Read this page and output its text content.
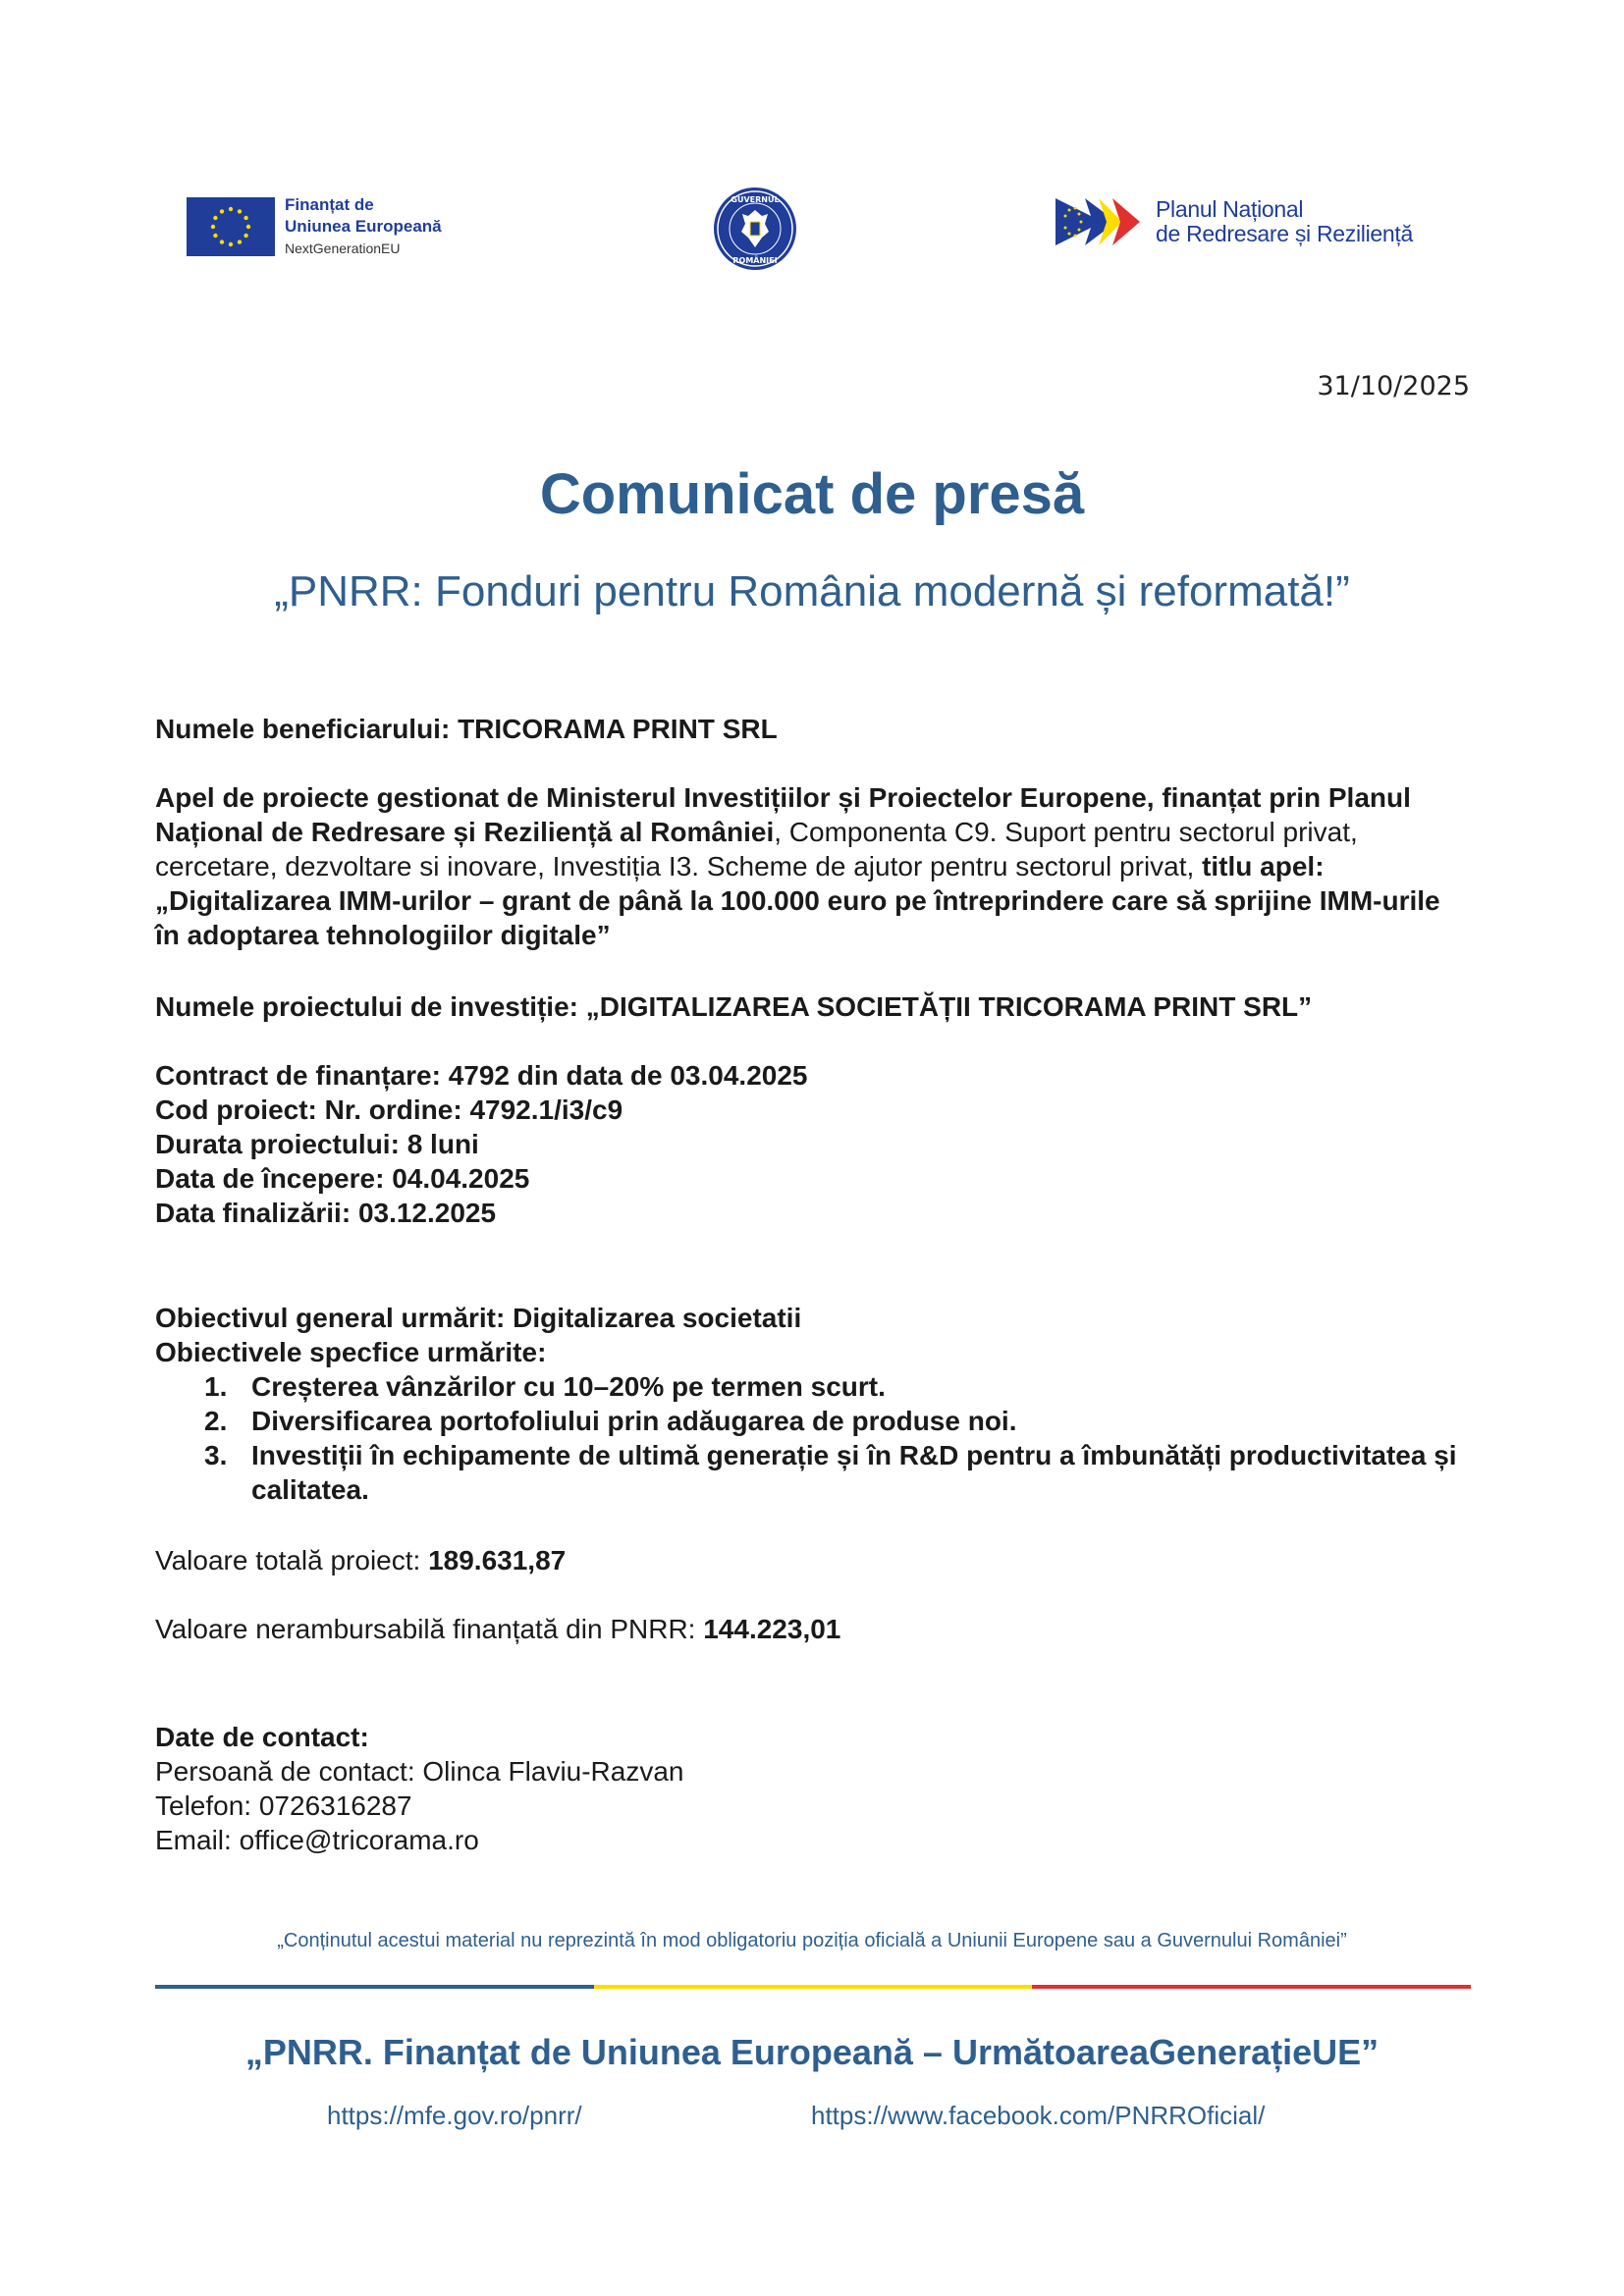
Finanțat de
Uniunea Europeană
NextGenerationEU
GUVERNUL
ROMÂNIEI
Planul Național
de Redresare și Reziliență
31/10/2025
Comunicat de presă
„PNRR: Fonduri pentru România modernă și reformată!”
Numele beneficiarului: TRICORAMA PRINT SRL
Apel de proiecte gestionat de Ministerul Investițiilor și Proiectelor Europene, finanțat prin Planul Național de Redresare și Reziliență al României, Componenta C9. Suport pentru sectorul privat, cercetare, dezvoltare si inovare, Investiția I3. Scheme de ajutor pentru sectorul privat, titlu apel: „Digitalizarea IMM-urilor – grant de până la 100.000 euro pe întreprindere care să sprijine IMM-urile în adoptarea tehnologiilor digitale”
Numele proiectului de investiție: „DIGITALIZAREA SOCIETĂȚII TRICORAMA PRINT SRL”
Contract de finanțare: 4792 din data de 03.04.2025
Cod proiect: Nr. ordine: 4792.1/i3/c9
Durata proiectului: 8 luni
Data de începere: 04.04.2025
Data finalizării: 03.12.2025
Obiectivul general urmărit: Digitalizarea societatii
Obiectivele specfice urmărite:
1. Creșterea vânzărilor cu 10–20% pe termen scurt.
2. Diversificarea portofoliului prin adăugarea de produse noi.
3. Investiții în echipamente de ultimă generație și în R&D pentru a îmbunătăți productivitatea și calitatea.
Valoare totală proiect: 189.631,87
Valoare nerambursabilă finanțată din PNRR: 144.223,01
Date de contact:
Persoană de contact: Olinca Flaviu-Razvan
Telefon: 0726316287
Email: office@tricorama.ro
„Conținutul acestui material nu reprezintă în mod obligatoriu poziția oficială a Uniunii Europene sau a Guvernului României”
„PNRR. Finanțat de Uniunea Europeană – UrmătoareaGenerațieUE”
https://mfe.gov.ro/pnrr/	https://www.facebook.com/PNRROficial/
